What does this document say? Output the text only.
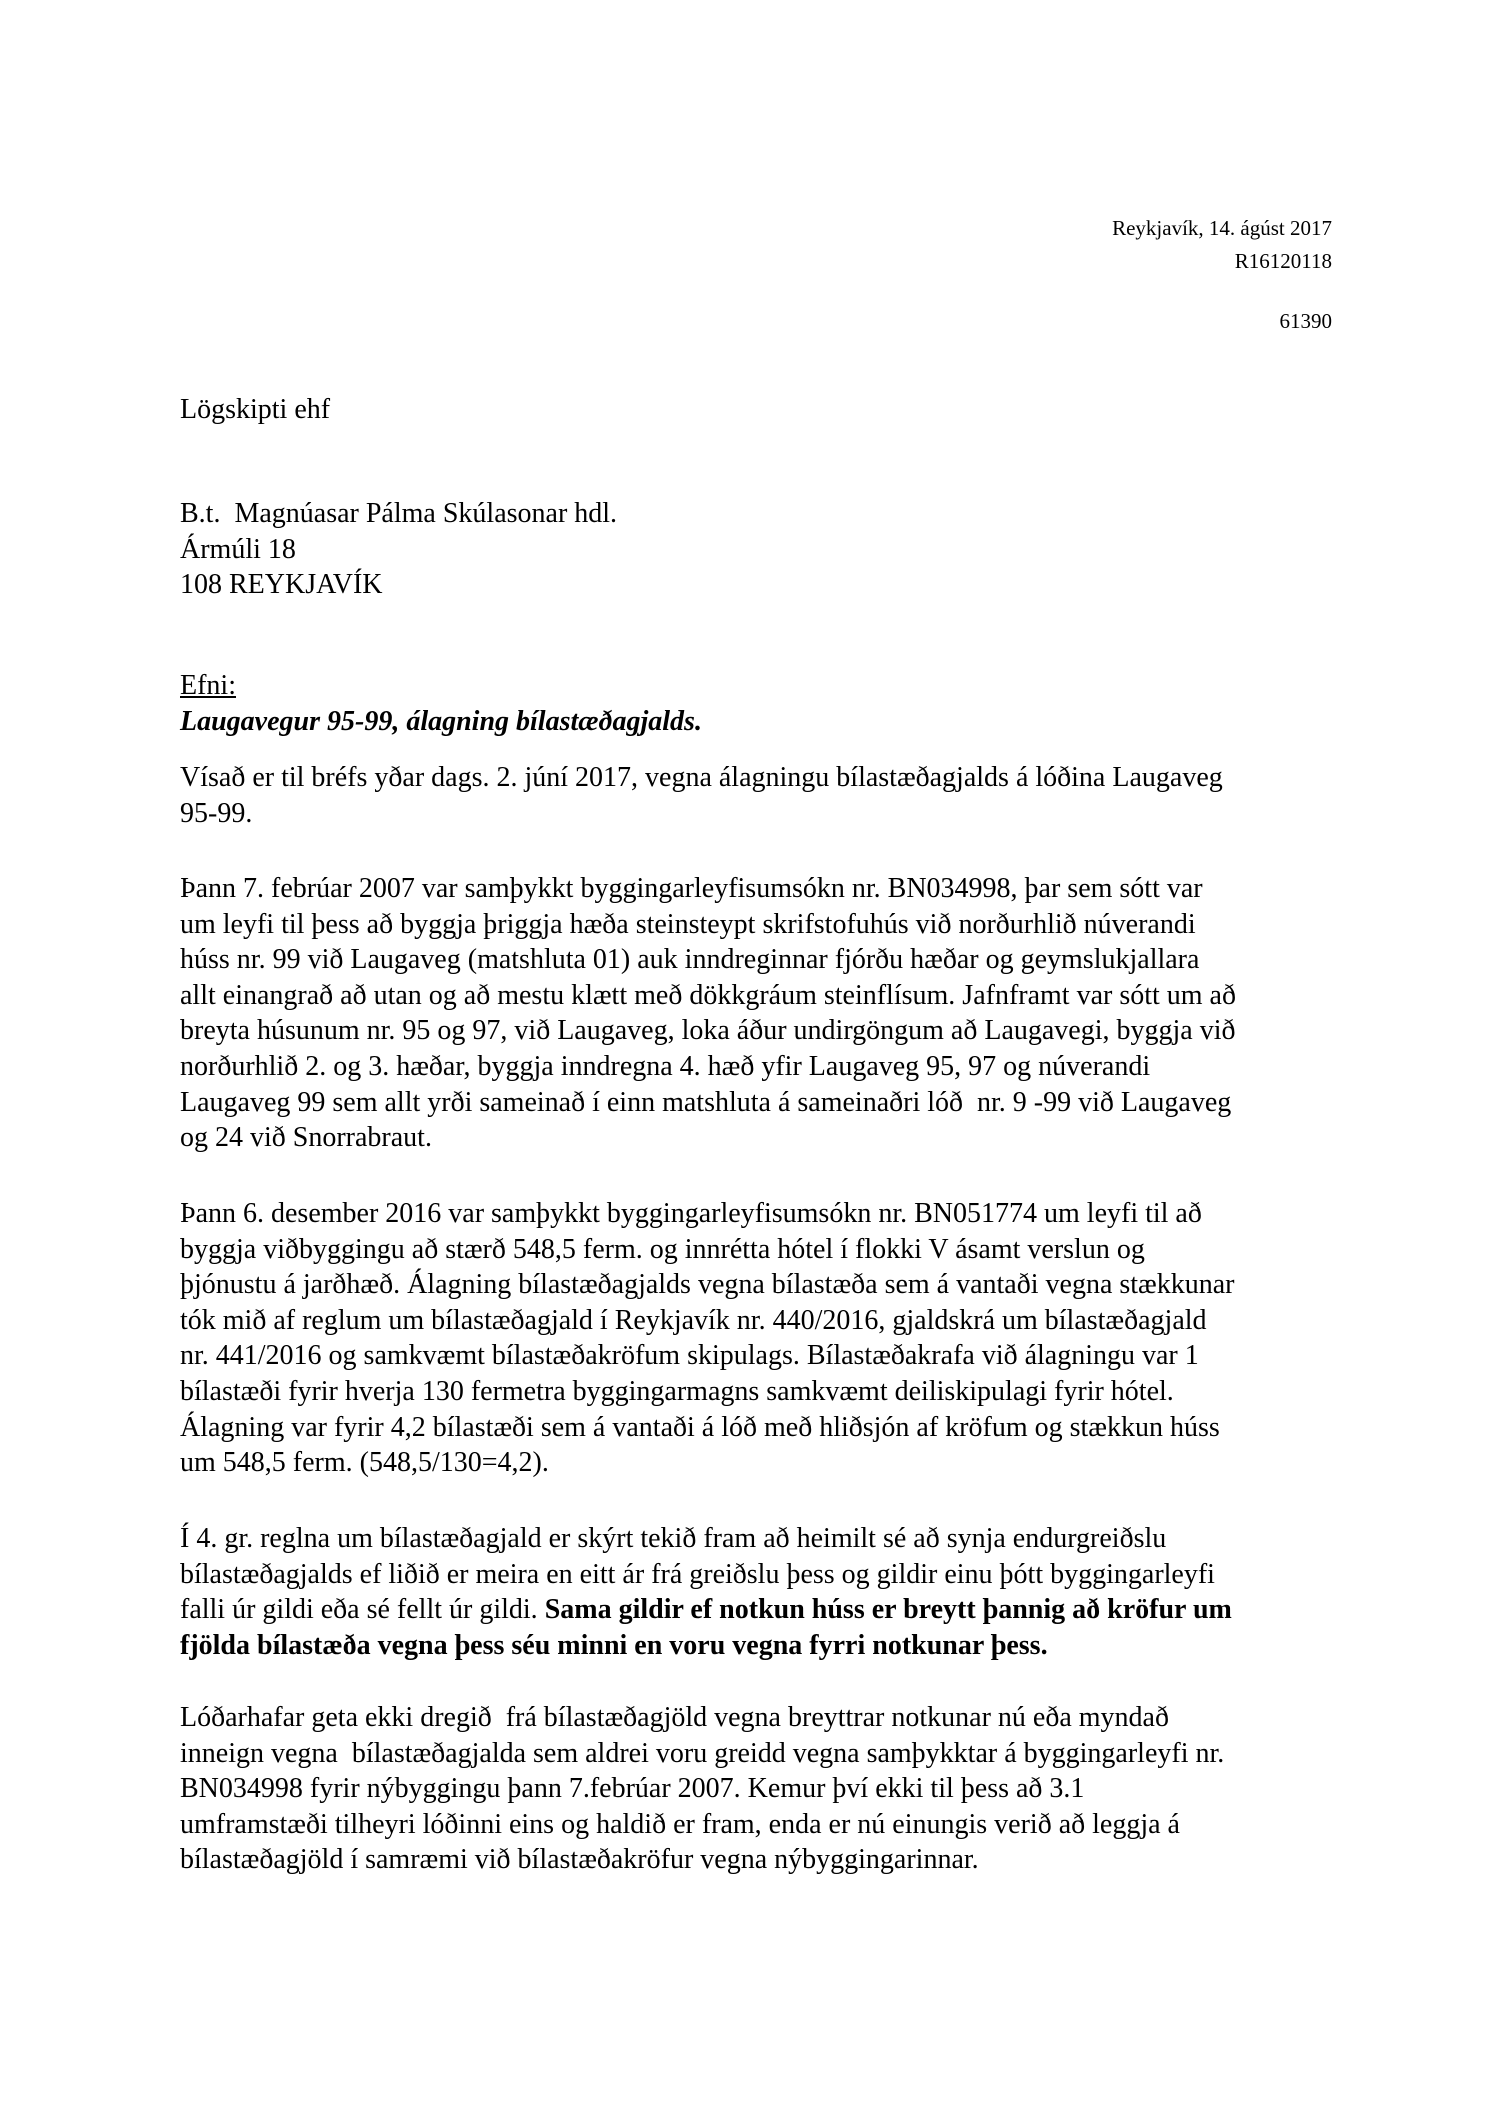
Reykjavík, 14. ágúst 2017
R16120118
61390
Lögskipti ehf
B.t.  Magnúasar Pálma Skúlasonar hdl.
Ármúli 18
108 REYKJAVÍK
Efni:
Laugavegur 95-99, álagning bílastæðagjalds.
Vísað er til bréfs yðar dags. 2. júní 2017, vegna álagningu bílastæðagjalds á lóðina Laugaveg
95-99.
Þann 7. febrúar 2007 var samþykkt byggingarleyfisumsókn nr. BN034998, þar sem sótt var
um leyfi til þess að byggja þriggja hæða steinsteypt skrifstofuhús við norðurhlið núverandi
húss nr. 99 við Laugaveg (matshluta 01) auk inndreginnar fjórðu hæðar og geymslukjallara
allt einangrað að utan og að mestu klætt með dökkgráum steinflísum. Jafnframt var sótt um að
breyta húsunum nr. 95 og 97, við Laugaveg, loka áður undirgöngum að Laugavegi, byggja við
norðurhlið 2. og 3. hæðar, byggja inndregna 4. hæð yfir Laugaveg 95, 97 og núverandi
Laugaveg 99 sem allt yrði sameinað í einn matshluta á sameinaðri lóð  nr. 9 -99 við Laugaveg
og 24 við Snorrabraut.
Þann 6. desember 2016 var samþykkt byggingarleyfisumsókn nr. BN051774 um leyfi til að
byggja viðbyggingu að stærð 548,5 ferm. og innrétta hótel í flokki V ásamt verslun og
þjónustu á jarðhæð. Álagning bílastæðagjalds vegna bílastæða sem á vantaði vegna stækkunar
tók mið af reglum um bílastæðagjald í Reykjavík nr. 440/2016, gjaldskrá um bílastæðagjald
nr. 441/2016 og samkvæmt bílastæðakröfum skipulags. Bílastæðakrafa við álagningu var 1
bílastæði fyrir hverja 130 fermetra byggingarmagns samkvæmt deiliskipulagi fyrir hótel.
Álagning var fyrir 4,2 bílastæði sem á vantaði á lóð með hliðsjón af kröfum og stækkun húss
um 548,5 ferm. (548,5/130=4,2).
Í 4. gr. reglna um bílastæðagjald er skýrt tekið fram að heimilt sé að synja endurgreiðslu
bílastæðagjalds ef liðið er meira en eitt ár frá greiðslu þess og gildir einu þótt byggingarleyfi
falli úr gildi eða sé fellt úr gildi. Sama gildir ef notkun húss er breytt þannig að kröfur um
fjölda bílastæða vegna þess séu minni en voru vegna fyrri notkunar þess.
Lóðarhafar geta ekki dregið  frá bílastæðagjöld vegna breyttrar notkunar nú eða myndað
inneign vegna  bílastæðagjalda sem aldrei voru greidd vegna samþykktar á byggingarleyfi nr.
BN034998 fyrir nýbyggingu þann 7.febrúar 2007. Kemur því ekki til þess að 3.1
umframstæði tilheyri lóðinni eins og haldið er fram, enda er nú einungis verið að leggja á
bílastæðagjöld í samræmi við bílastæðakröfur vegna nýbyggingarinnar.
